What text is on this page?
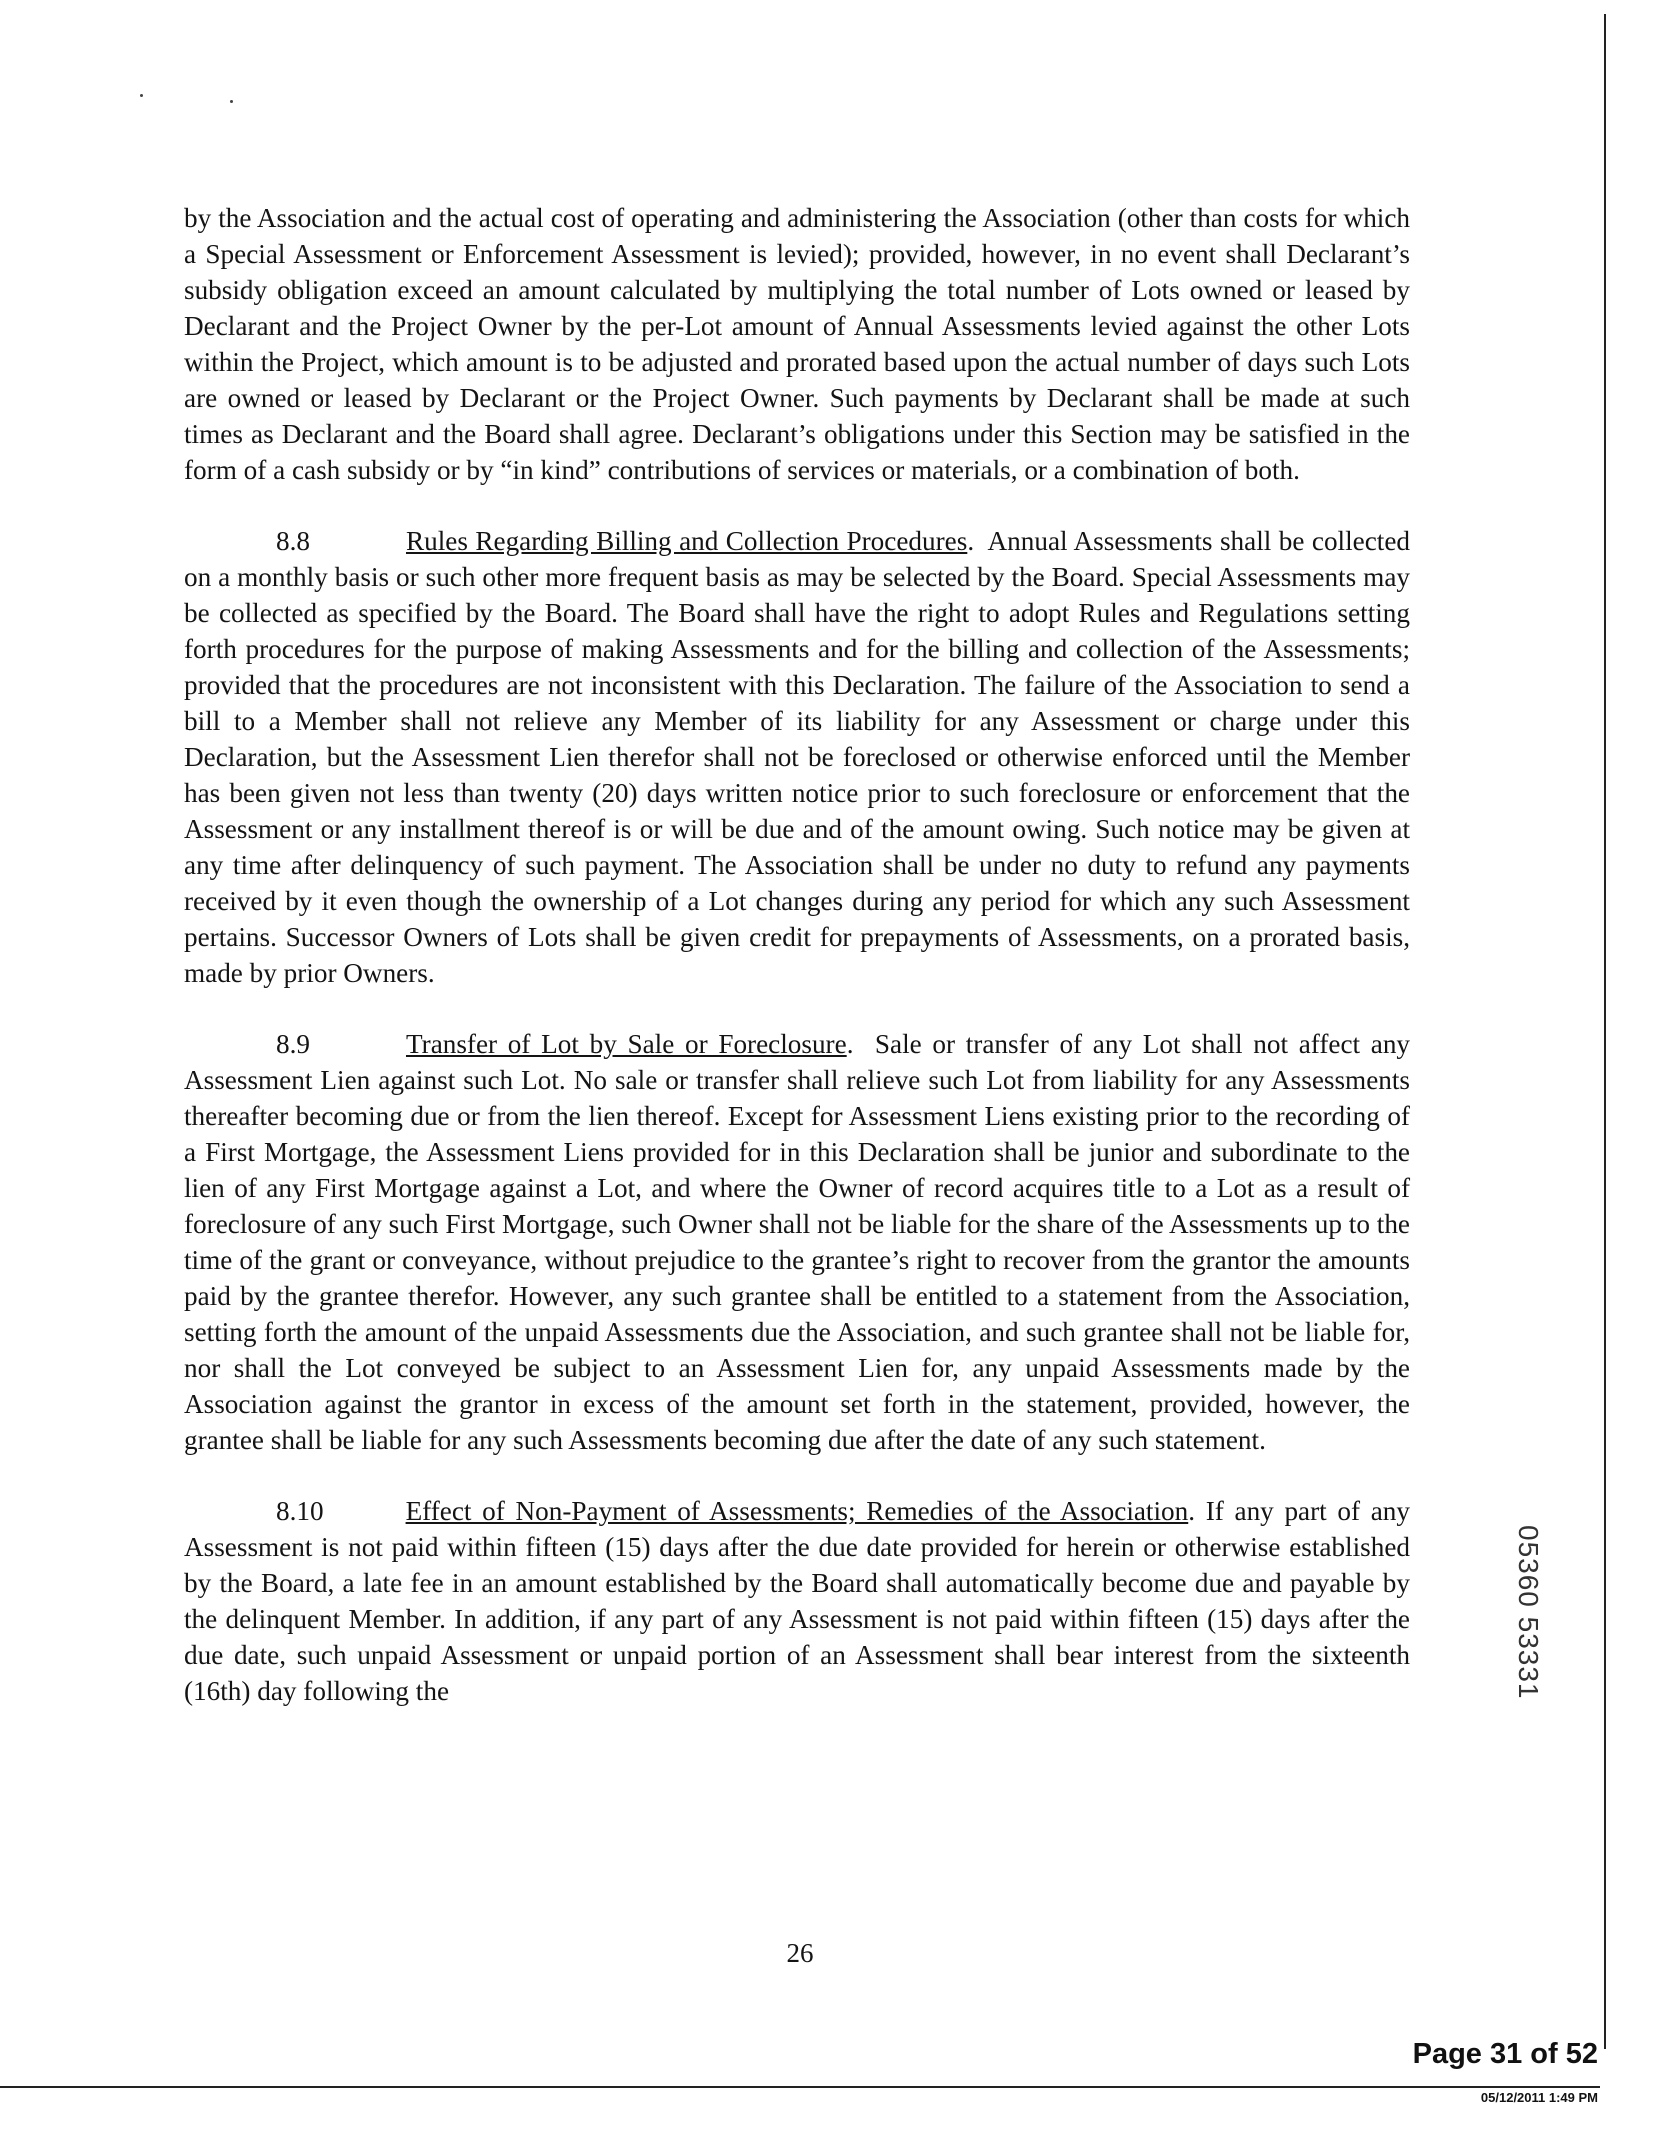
by the Association and the actual cost of operating and administering the Association (other than costs for which a Special Assessment or Enforcement Assessment is levied); provided, however, in no event shall Declarant’s subsidy obligation exceed an amount calculated by multiplying the total number of Lots owned or leased by Declarant and the Project Owner by the per-Lot amount of Annual Assessments levied against the other Lots within the Project, which amount is to be adjusted and prorated based upon the actual number of days such Lots are owned or leased by Declarant or the Project Owner. Such payments by Declarant shall be made at such times as Declarant and the Board shall agree. Declarant’s obligations under this Section may be satisfied in the form of a cash subsidy or by “in kind” contributions of services or materials, or a combination of both.

8.8	Rules Regarding Billing and Collection Procedures.  Annual Assessments shall be collected on a monthly basis or such other more frequent basis as may be selected by the Board. Special Assessments may be collected as specified by the Board. The Board shall have the right to adopt Rules and Regulations setting forth procedures for the purpose of making Assessments and for the billing and collection of the Assessments; provided that the procedures are not inconsistent with this Declaration. The failure of the Association to send a bill to a Member shall not relieve any Member of its liability for any Assessment or charge under this Declaration, but the Assessment Lien therefor shall not be foreclosed or otherwise enforced until the Member has been given not less than twenty (20) days written notice prior to such foreclosure or enforcement that the Assessment or any installment thereof is or will be due and of the amount owing. Such notice may be given at any time after delinquency of such payment. The Association shall be under no duty to refund any payments received by it even though the ownership of a Lot changes during any period for which any such Assessment pertains. Successor Owners of Lots shall be given credit for prepayments of Assessments, on a prorated basis, made by prior Owners.

8.9	Transfer of Lot by Sale or Foreclosure.  Sale or transfer of any Lot shall not affect any Assessment Lien against such Lot. No sale or transfer shall relieve such Lot from liability for any Assessments thereafter becoming due or from the lien thereof. Except for Assessment Liens existing prior to the recording of a First Mortgage, the Assessment Liens provided for in this Declaration shall be junior and subordinate to the lien of any First Mortgage against a Lot, and where the Owner of record acquires title to a Lot as a result of foreclosure of any such First Mortgage, such Owner shall not be liable for the share of the Assessments up to the time of the grant or conveyance, without prejudice to the grantee’s right to recover from the grantor the amounts paid by the grantee therefor. However, any such grantee shall be entitled to a statement from the Association, setting forth the amount of the unpaid Assessments due the Association, and such grantee shall not be liable for, nor shall the Lot conveyed be subject to an Assessment Lien for, any unpaid Assessments made by the Association against the grantor in excess of the amount set forth in the statement, provided, however, the grantee shall be liable for any such Assessments becoming due after the date of any such statement.

8.10	Effect of Non-Payment of Assessments; Remedies of the Association. If any part of any Assessment is not paid within fifteen (15) days after the due date provided for herein or otherwise established by the Board, a late fee in an amount established by the Board shall automatically become due and payable by the delinquent Member. In addition, if any part of any Assessment is not paid within fifteen (15) days after the due date, such unpaid Assessment or unpaid portion of an Assessment shall bear interest from the sixteenth (16th) day following the

26
05360 53331
Page 31 of 52
05/12/2011 1:49 PM
